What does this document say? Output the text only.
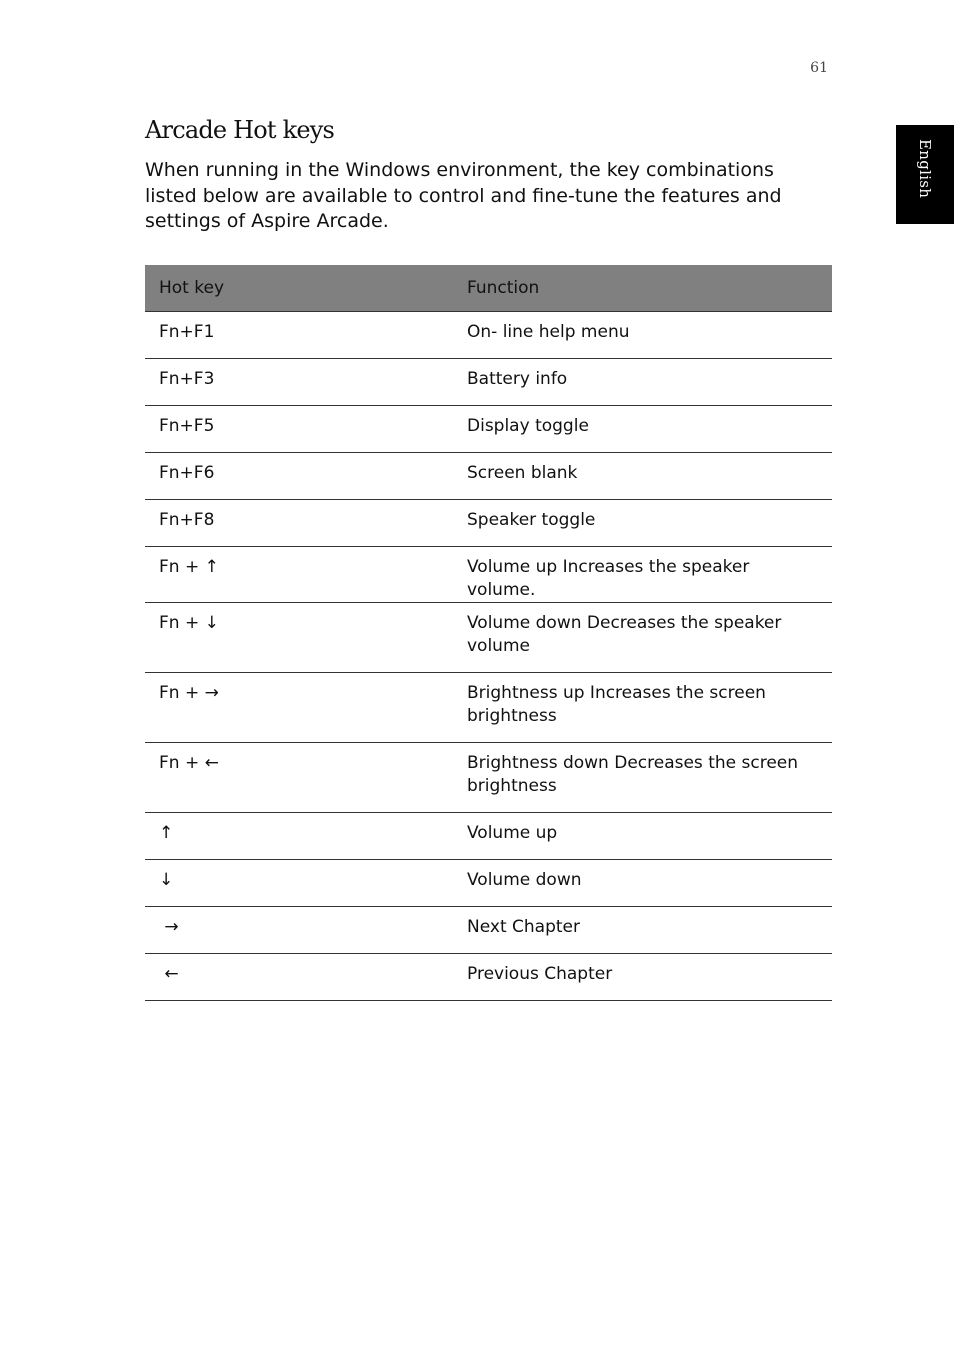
61
English
Arcade Hot keys

When running in the Windows environment, the key combinations listed below are available to control and fine-tune the features and settings of Aspire Arcade.

Hot key	Function
Fn+F1	On- line help menu
Fn+F3	Battery info
Fn+F5	Display toggle
Fn+F6	Screen blank
Fn+F8	Speaker toggle
Fn + ↑	Volume up Increases the speaker volume.
Fn + ↓	Volume down Decreases the speaker volume
Fn + →	Brightness up Increases the screen brightness
Fn + ←	Brightness down Decreases the screen brightness
↑	Volume up
↓	Volume down
→	Next Chapter
←	Previous Chapter
